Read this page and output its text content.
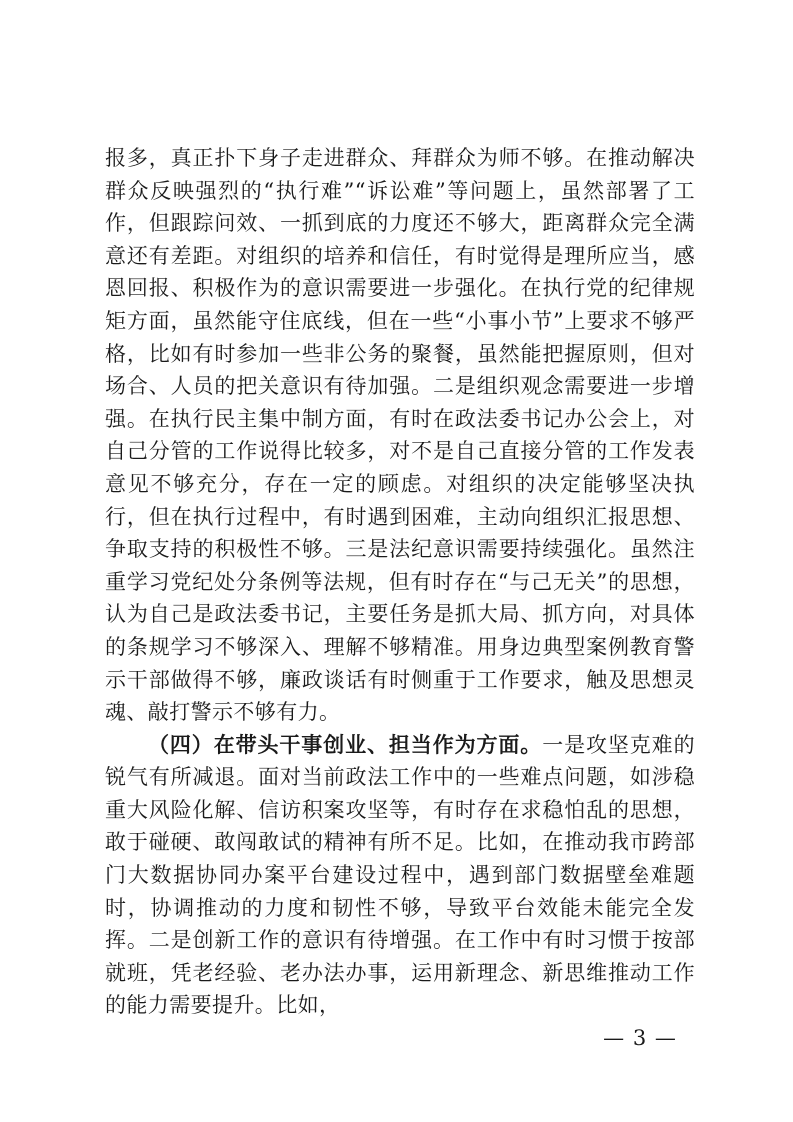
报多，真正扑下身子走进群众、拜群众为师不够。在推动解决群众反映强烈的“执行难”“诉讼难”等问题上，虽然部署了工作，但跟踪问效、一抓到底的力度还不够大，距离群众完全满意还有差距。对组织的培养和信任，有时觉得是理所应当，感恩回报、积极作为的意识需要进一步强化。在执行党的纪律规矩方面，虽然能守住底线，但在一些“小事小节”上要求不够严格，比如有时参加一些非公务的聚餐，虽然能把握原则，但对场合、人员的把关意识有待加强。二是组织观念需要进一步增强。在执行民主集中制方面，有时在政法委书记办公会上，对自己分管的工作说得比较多，对不是自己直接分管的工作发表意见不够充分，存在一定的顾虑。对组织的决定能够坚决执行，但在执行过程中，有时遇到困难，主动向组织汇报思想、争取支持的积极性不够。三是法纪意识需要持续强化。虽然注重学习党纪处分条例等法规，但有时存在“与己无关”的思想，认为自己是政法委书记，主要任务是抓大局、抓方向，对具体的条规学习不够深入、理解不够精准。用身边典型案例教育警示干部做得不够，廉政谈话有时侧重于工作要求，触及思想灵魂、敲打警示不够有力。

（四）在带头干事创业、担当作为方面。一是攻坚克难的锐气有所减退。面对当前政法工作中的一些难点问题，如涉稳重大风险化解、信访积案攻坚等，有时存在求稳怕乱的思想，敢于碰硬、敢闯敢试的精神有所不足。比如，在推动我市跨部门大数据协同办案平台建设过程中，遇到部门数据壁垒难题时，协调推动的力度和韧性不够，导致平台效能未能完全发挥。二是创新工作的意识有待增强。在工作中有时习惯于按部就班，凭老经验、老办法办事，运用新理念、新思维推动工作的能力需要提升。比如，

— 3 —
